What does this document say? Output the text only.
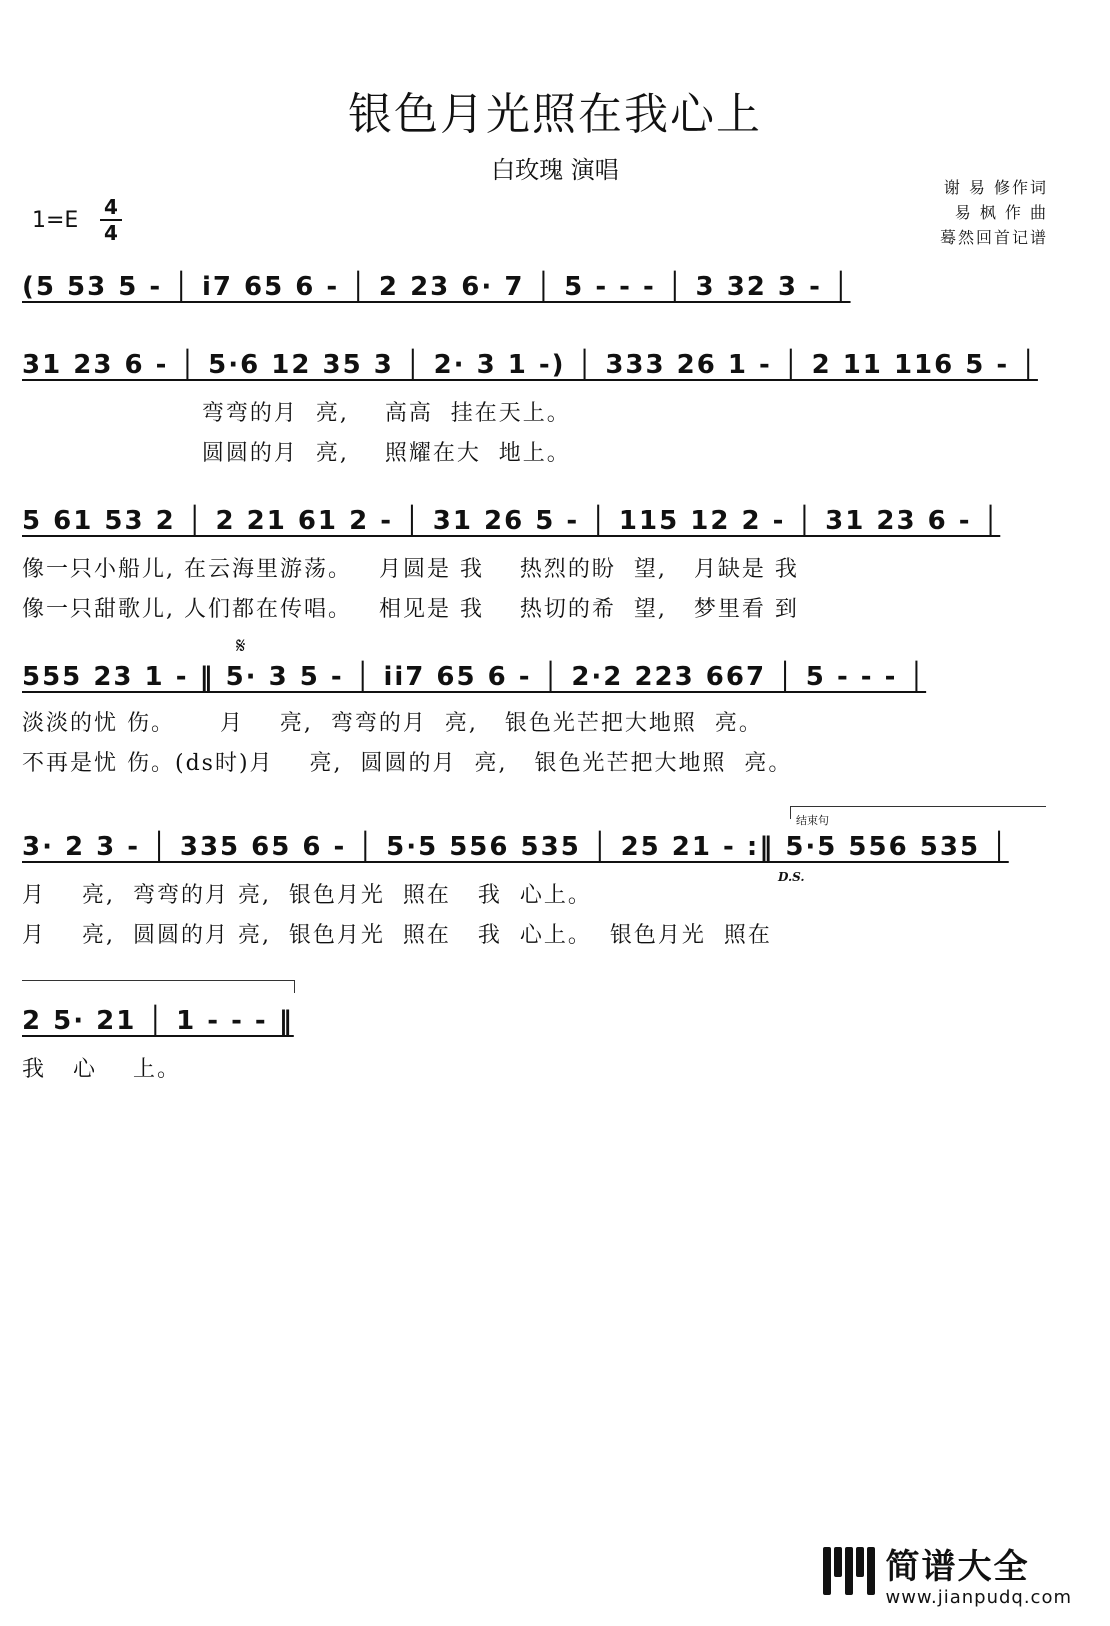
银色月光照在我心上
白玫瑰 演唱
谢 易 修作词
易 枫 作 曲
蓦然回首记谱
1=E
4
4
(5 53 5 - │ i7 65 6 - │ 2 23 6· 7 │ 5 - - - │ 3 32 3 - │
31 23 6 - │ 5·6 12 35 3 │ 2· 3 1 -) │ 333 26 1 - │ 2 11 116 5 - │
弯弯的月  亮,    高高  挂在天上。
圆圆的月  亮,    照耀在大  地上。
5 61 53 2 │ 2 21 61 2 - │ 31 26 5 - │ 115 12 2 - │ 31 23 6 - │
像一只小船儿, 在云海里游荡。   月圆是 我    热烈的盼  望,   月缺是 我
像一只甜歌儿, 人们都在传唱。   相见是 我    热切的希  望,   梦里看 到
𝄋
555 23 1 - ‖ 5· 3 5 - │ ii7 65 6 - │ 2·2 223 667 │ 5 - - - │
淡淡的忧 伤。     月    亮,  弯弯的月  亮,   银色光芒把大地照  亮。
不再是忧 伤。(ds时)月    亮,  圆圆的月  亮,   银色光芒把大地照  亮。
结束句
3· 2 3 - │ 335 65 6 - │ 5·5 556 535 │ 25 21 - :‖ 5·5 556 535 │
D.S.
月    亮,  弯弯的月 亮,  银色月光  照在   我  心上。
月    亮,  圆圆的月 亮,  银色月光  照在   我  心上。  银色月光  照在
2 5· 21 │ 1 - - - ‖
我   心    上。
简谱大全
www.jianpudq.com
